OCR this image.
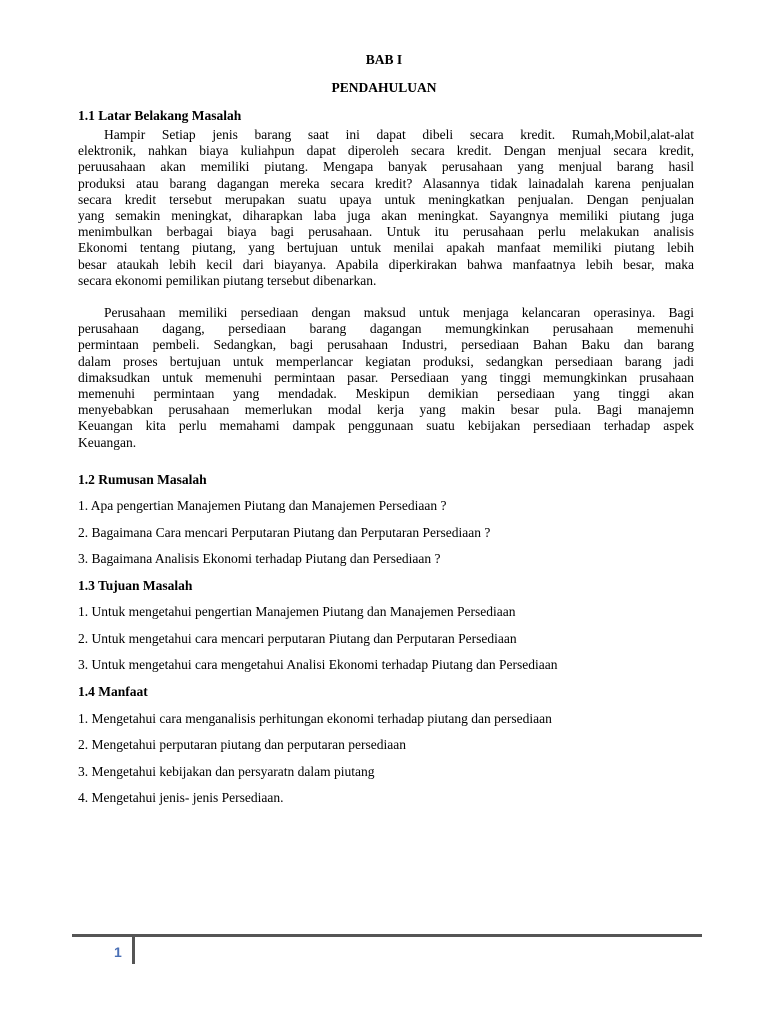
BAB I
PENDAHULUAN
1.1 Latar Belakang Masalah
Hampir Setiap jenis barang saat ini dapat dibeli secara kredit. Rumah,Mobil,alat-alat
elektronik, nahkan biaya kuliahpun dapat diperoleh secara kredit. Dengan menjual secara kredit,
peruusahaan akan memiliki piutang. Mengapa banyak perusahaan yang menjual barang hasil
produksi atau barang dagangan mereka secara kredit? Alasannya tidak lainadalah karena penjualan
secara kredit tersebut merupakan suatu upaya untuk meningkatkan penjualan. Dengan penjualan
yang semakin meningkat, diharapkan laba juga akan meningkat. Sayangnya memiliki piutang juga
menimbulkan berbagai biaya bagi perusahaan. Untuk itu perusahaan perlu melakukan analisis
Ekonomi tentang piutang, yang bertujuan untuk menilai apakah manfaat memiliki piutang lebih
besar ataukah lebih kecil dari biayanya. Apabila diperkirakan bahwa manfaatnya lebih besar, maka
secara ekonomi pemilikan piutang tersebut dibenarkan.
Perusahaan memiliki persediaan dengan maksud untuk menjaga kelancaran operasinya. Bagi
perusahaan dagang, persediaan barang dagangan memungkinkan perusahaan memenuhi
permintaan pembeli. Sedangkan, bagi perusahaan Industri, persediaan Bahan Baku dan barang
dalam proses bertujuan untuk memperlancar kegiatan produksi, sedangkan persediaan barang jadi
dimaksudkan untuk memenuhi permintaan pasar. Persediaan yang tinggi memungkinkan prusahaan
memenuhi permintaan yang mendadak. Meskipun demikian persediaan yang tinggi akan
menyebabkan perusahaan memerlukan modal kerja yang makin besar pula. Bagi manajemn
Keuangan kita perlu memahami dampak penggunaan suatu kebijakan persediaan terhadap aspek
Keuangan.
1.2 Rumusan Masalah
1. Apa pengertian Manajemen Piutang dan Manajemen Persediaan ?
2. Bagaimana Cara mencari Perputaran Piutang dan Perputaran Persediaan ?
3. Bagaimana Analisis Ekonomi terhadap Piutang dan Persediaan ?
1.3 Tujuan Masalah
1. Untuk mengetahui pengertian Manajemen Piutang dan Manajemen Persediaan
2. Untuk mengetahui cara mencari perputaran Piutang dan Perputaran Persediaan
3. Untuk mengetahui cara mengetahui Analisi Ekonomi terhadap Piutang dan Persediaan
1.4 Manfaat
1. Mengetahui cara menganalisis perhitungan ekonomi terhadap piutang dan persediaan
2. Mengetahui perputaran piutang dan perputaran persediaan
3. Mengetahui kebijakan dan persyaratn dalam piutang
4. Mengetahui jenis- jenis Persediaan.
1
